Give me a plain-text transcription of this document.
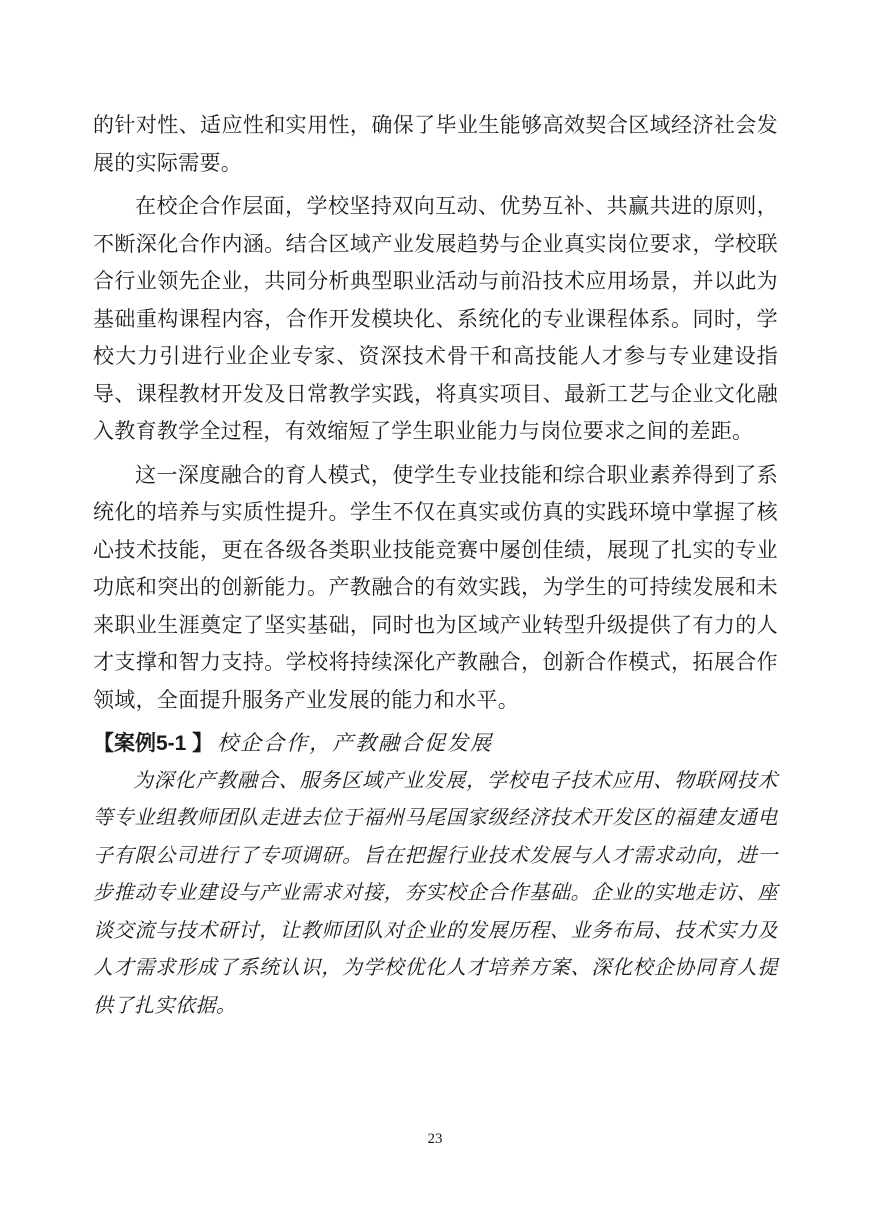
的针对性、适应性和实用性，确保了毕业生能够高效契合区域经济社会发展的实际需要。

在校企合作层面，学校坚持双向互动、优势互补、共赢共进的原则，不断深化合作内涵。结合区域产业发展趋势与企业真实岗位要求，学校联合行业领先企业，共同分析典型职业活动与前沿技术应用场景，并以此为基础重构课程内容，合作开发模块化、系统化的专业课程体系。同时，学校大力引进行业企业专家、资深技术骨干和高技能人才参与专业建设指导、课程教材开发及日常教学实践，将真实项目、最新工艺与企业文化融入教育教学全过程，有效缩短了学生职业能力与岗位要求之间的差距。

这一深度融合的育人模式，使学生专业技能和综合职业素养得到了系统化的培养与实质性提升。学生不仅在真实或仿真的实践环境中掌握了核心技术技能，更在各级各类职业技能竞赛中屡创佳绩，展现了扎实的专业功底和突出的创新能力。产教融合的有效实践，为学生的可持续发展和未来职业生涯奠定了坚实基础，同时也为区域产业转型升级提供了有力的人才支撑和智力支持。学校将持续深化产教融合，创新合作模式，拓展合作领域，全面提升服务产业发展的能力和水平。

【案例5-1 】 校企合作，产教融合促发展

为深化产教融合、服务区域产业发展，学校电子技术应用、物联网技术等专业组教师团队走进去位于福州马尾国家级经济技术开发区的福建友通电子有限公司进行了专项调研。旨在把握行业技术发展与人才需求动向，进一步推动专业建设与产业需求对接，夯实校企合作基础。企业的实地走访、座谈交流与技术研讨，让教师团队对企业的发展历程、业务布局、技术实力及人才需求形成了系统认识，为学校优化人才培养方案、深化校企协同育人提供了扎实依据。

23
